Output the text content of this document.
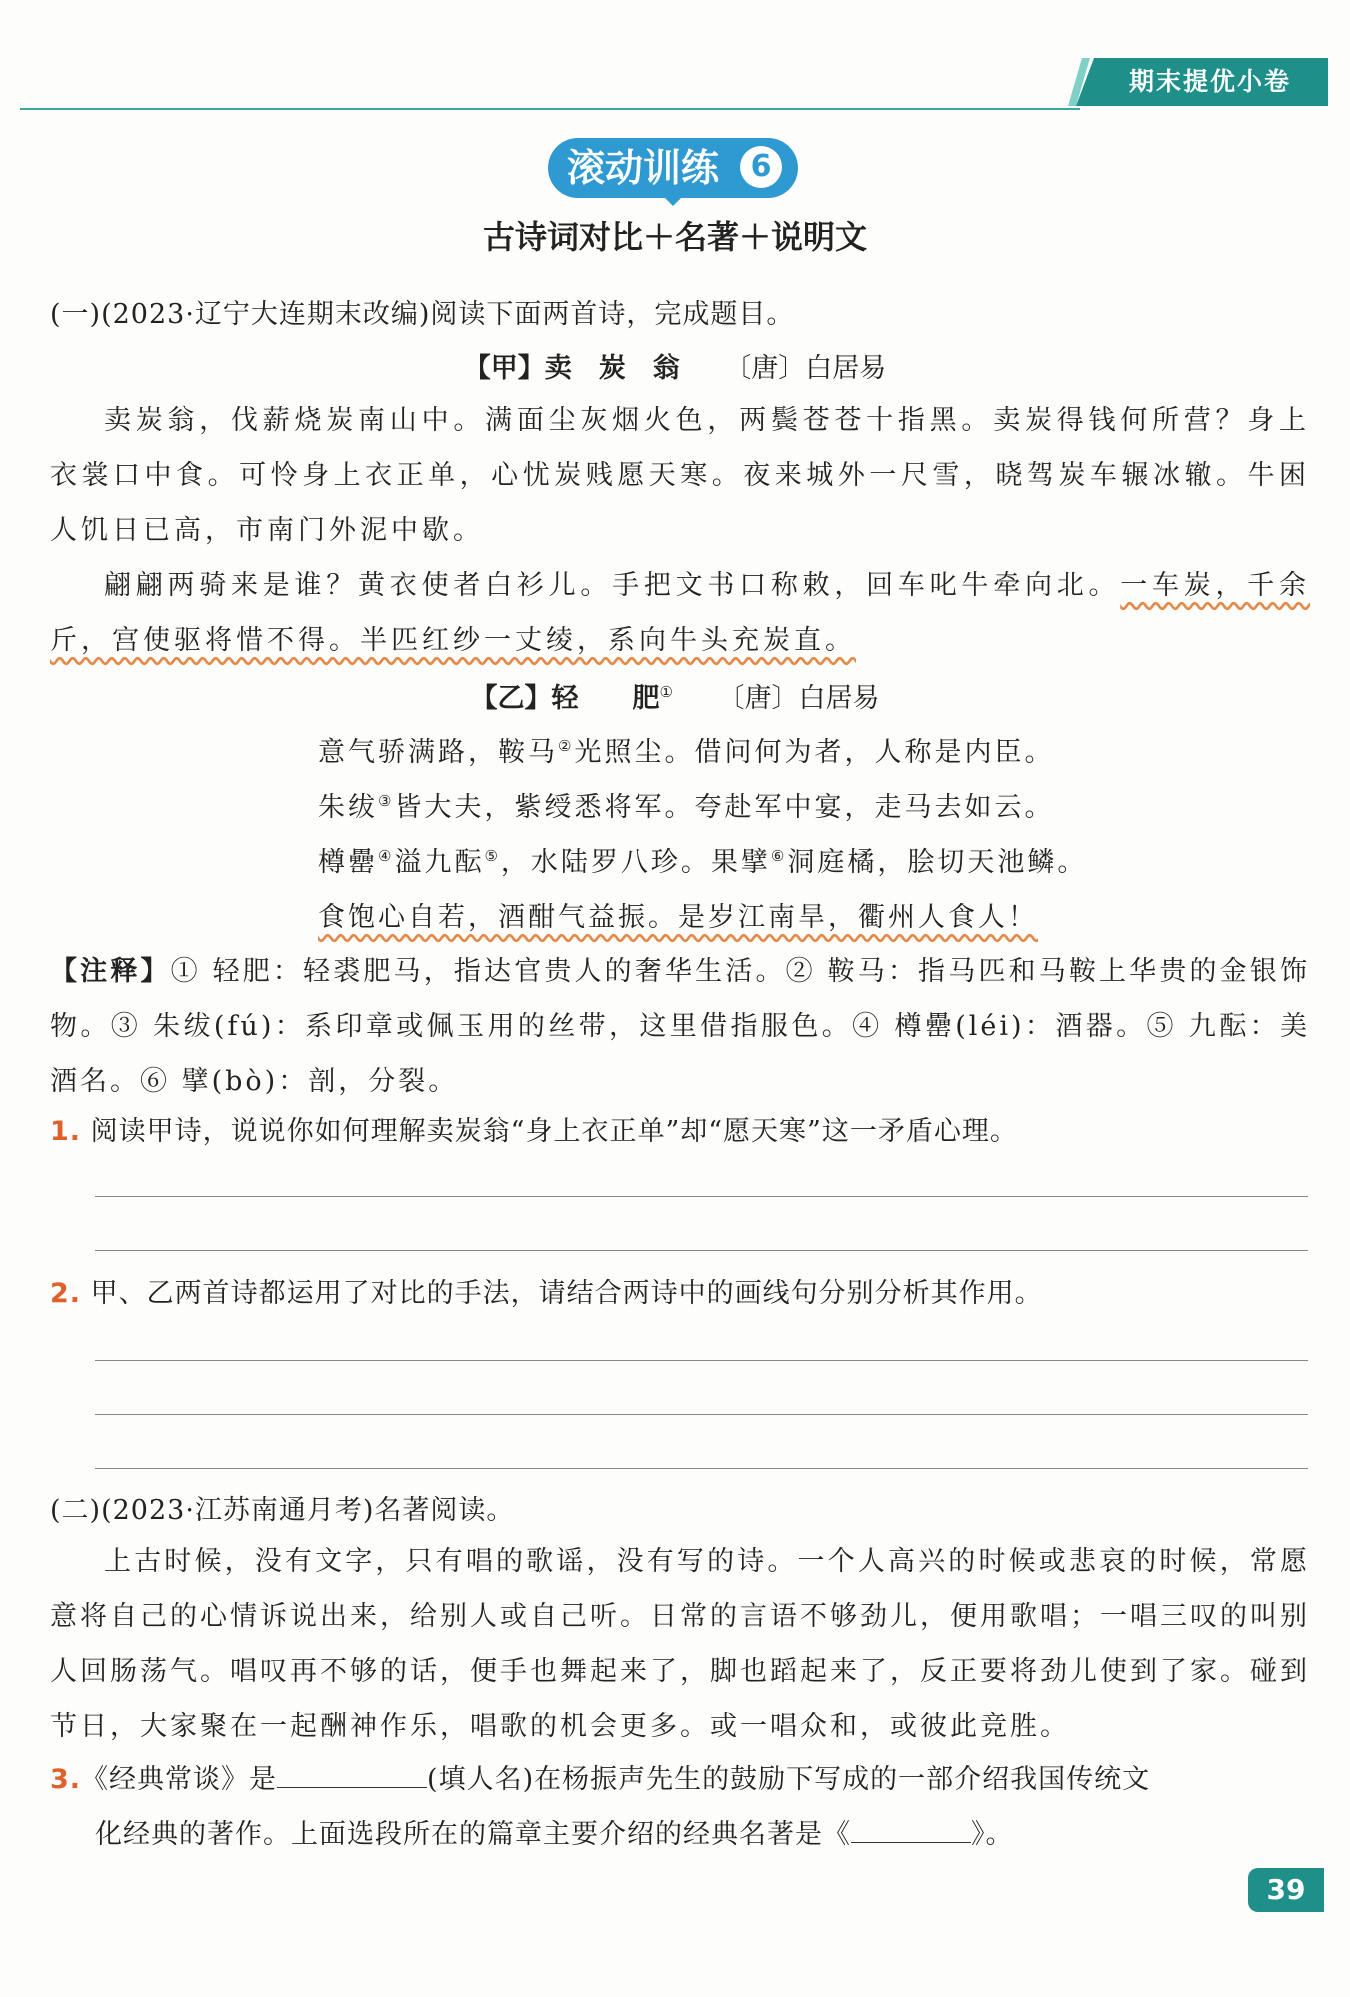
期末提优小卷
滚动训练	6
古诗词对比＋名著＋说明文
(一)(2023·辽宁大连期末改编)阅读下面两首诗，完成题目。
【甲】卖　炭　翁 〔唐〕白居易
卖炭翁，伐薪烧炭南山中。满面尘灰烟火色，两鬓苍苍十指黑。卖炭得钱何所营？身上衣裳口中食。可怜身上衣正单，心忧炭贱愿天寒。夜来城外一尺雪，晓驾炭车辗冰辙。牛困人饥日已高，市南门外泥中歇。
翩翩两骑来是谁？黄衣使者白衫儿。手把文书口称敕，回车叱牛牵向北。一车炭，千余斤，宫使驱将惜不得。半匹红纱一丈绫，系向牛头充炭直。
【乙】轻　　肥① 〔唐〕白居易
意气骄满路，鞍马②光照尘。借问何为者，人称是内臣。
朱绂③皆大夫，紫绶悉将军。夸赴军中宴，走马去如云。
樽罍④溢九酝⑤，水陆罗八珍。果擘⑥洞庭橘，脍切天池鳞。
食饱心自若，酒酣气益振。是岁江南旱，衢州人食人！
【注释】① 轻肥：轻裘肥马，指达官贵人的奢华生活。② 鞍马：指马匹和马鞍上华贵的金银饰物。③ 朱绂(fú)：系印章或佩玉用的丝带，这里借指服色。④ 樽罍(léi)：酒器。⑤ 九酝：美酒名。⑥ 擘(bò)：剖，分裂。
1. 阅读甲诗，说说你如何理解卖炭翁“身上衣正单”却“愿天寒”这一矛盾心理。
2. 甲、乙两首诗都运用了对比的手法，请结合两诗中的画线句分别分析其作用。
(二)(2023·江苏南通月考)名著阅读。
上古时候，没有文字，只有唱的歌谣，没有写的诗。一个人高兴的时候或悲哀的时候，常愿意将自己的心情诉说出来，给别人或自己听。日常的言语不够劲儿，便用歌唱；一唱三叹的叫别人回肠荡气。唱叹再不够的话，便手也舞起来了，脚也蹈起来了，反正要将劲儿使到了家。碰到节日，大家聚在一起酬神作乐，唱歌的机会更多。或一唱众和，或彼此竞胜。
3.《经典常谈》是	(填人名)在杨振声先生的鼓励下写成的一部介绍我国传统文
化经典的著作。上面选段所在的篇章主要介绍的经典名著是《	》。
39
